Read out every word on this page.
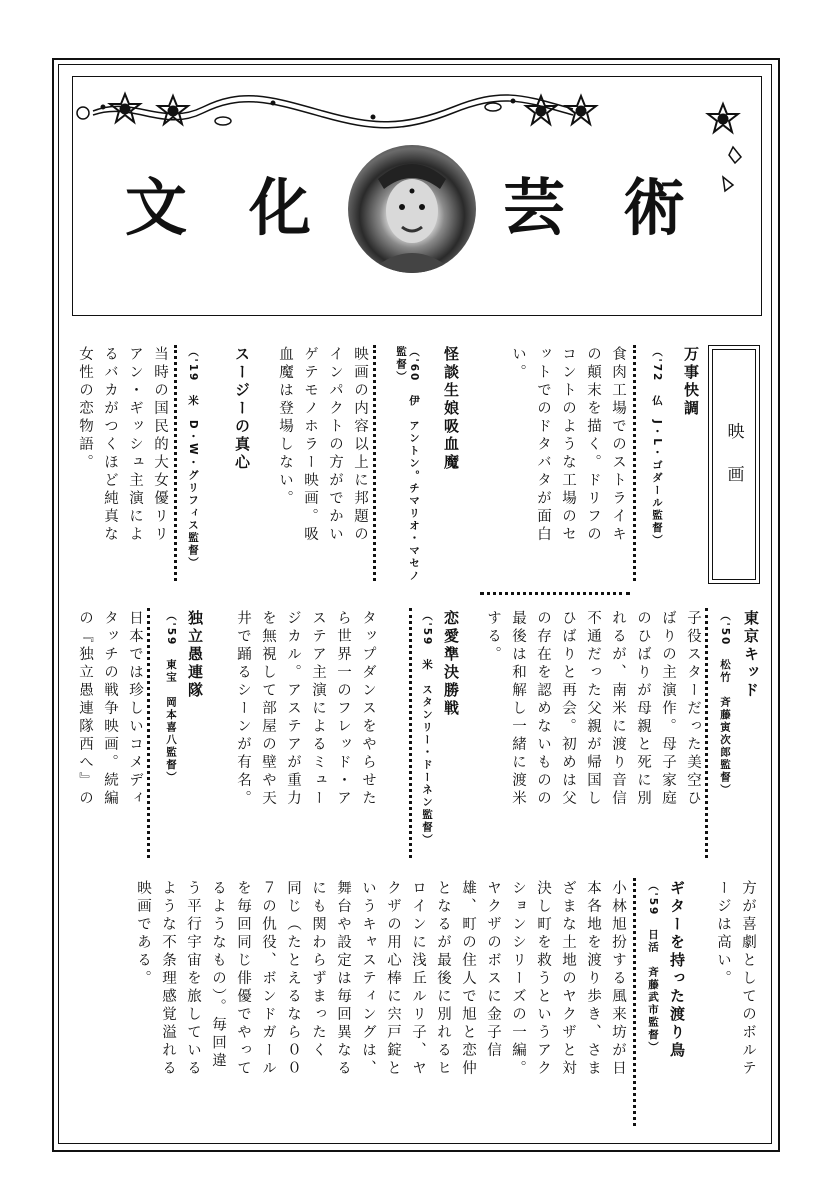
文 化	芸 術
映画
万事快調
（'72　仏　J・L・ゴダール監督）
食肉工場でのストライキ
の顛末を描く。ドリフの
コントのような工場のセ
ットでのドタバタが面白
い。
怪談生娘吸血魔
（'60　伊　アントン。チマリオ・マセノ監督）
映画の内容以上に邦題の
インパクトの方がでかい
ゲテモノホラー映画。吸
血魔は登場しない。
スージーの真心
（'19　米　D・W・グリフィス監督）
当時の国民的大女優リリ
アン・ギッシュ主演によ
るバカがつくほど純真な
女性の恋物語。
東京キッド
（'50　松竹　斉藤寅次郎監督）
子役スターだった美空ひ
ばりの主演作。母子家庭
のひばりが母親と死に別
れるが、南米に渡り音信
不通だった父親が帰国し
ひばりと再会。初めは父
の存在を認めないものの
最後は和解し一緒に渡米
する。
恋愛準決勝戦
（'59　米　スタンリー・ドーネン監督）
タップダンスをやらせた
ら世界一のフレッド・ア
ステア主演によるミュー
ジカル。アステアが重力
を無視して部屋の壁や天
井で踊るシーンが有名。
独立愚連隊
（'59　東宝　岡本喜八監督）
日本では珍しいコメディ
タッチの戦争映画。続編
の『独立愚連隊西へ』の
方が喜劇としてのボルテ
ージは高い。
ギターを持った渡り鳥
（'59　日活　斉藤武市監督）
小林旭扮する風来坊が日
本各地を渡り歩き、さま
ざまな土地のヤクザと対
決し町を救うというアク
ションシリーズの一編。
ヤクザのボスに金子信
雄、町の住人で旭と恋仲
となるが最後に別れるヒ
ロインに浅丘ルリ子、ヤ
クザの用心棒に宍戸錠と
いうキャスティングは、
舞台や設定は毎回異なる
にも関わらずまったく
同じ（たとえるなら００
７の仇役、ボンドガール
を毎回同じ俳優でやって
るようなもの）。毎回違
う平行宇宙を旅している
ような不条理感覚溢れる
映画である。
